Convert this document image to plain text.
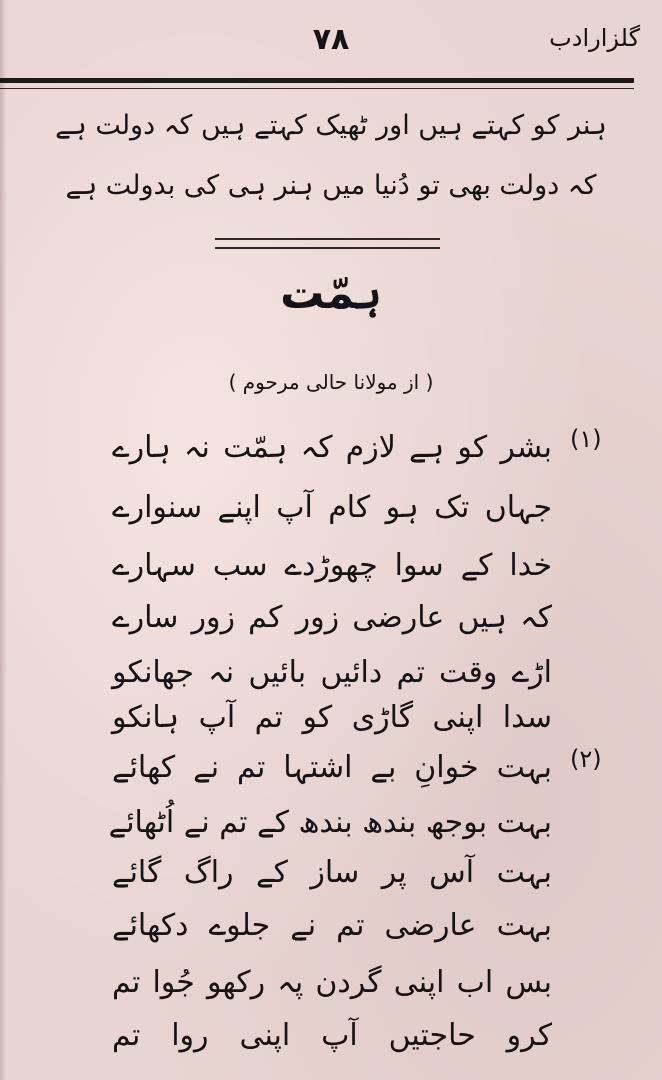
گلزارادب
۷۸
ہنر کو کہتے ہیں اور ٹھیک کہتے ہیں کہ دولت ہے
کہ دولت بھی تو دُنیا میں ہنر ہی کی بدولت ہے
ہمّت
( از مولانا حالی مرحوم )
(۱)
بشر کو ہے لازم کہ ہمّت نہ ہارے
جہاں تک ہو کام آپ اپنے سنوارے
خدا کے سوا چھوڑدے سب سہارے
کہ ہیں عارضی زور کم زور سارے
اڑے وقت تم دائیں بائیں نہ جھانکو
سدا اپنی گاڑی کو تم آپ ہانکو
(۲)
بہت خوانِ بے اشتہا تم نے کھائے
بہت بوجھ بندھ بندھ کے تم نے اُٹھائے
بہت آس پر ساز کے راگ گائے
بہت عارضی تم نے جلوے دکھائے
بس اب اپنی گردن پہ رکھو جُوا تم
کرو حاجتیں آپ اپنی روا تم
